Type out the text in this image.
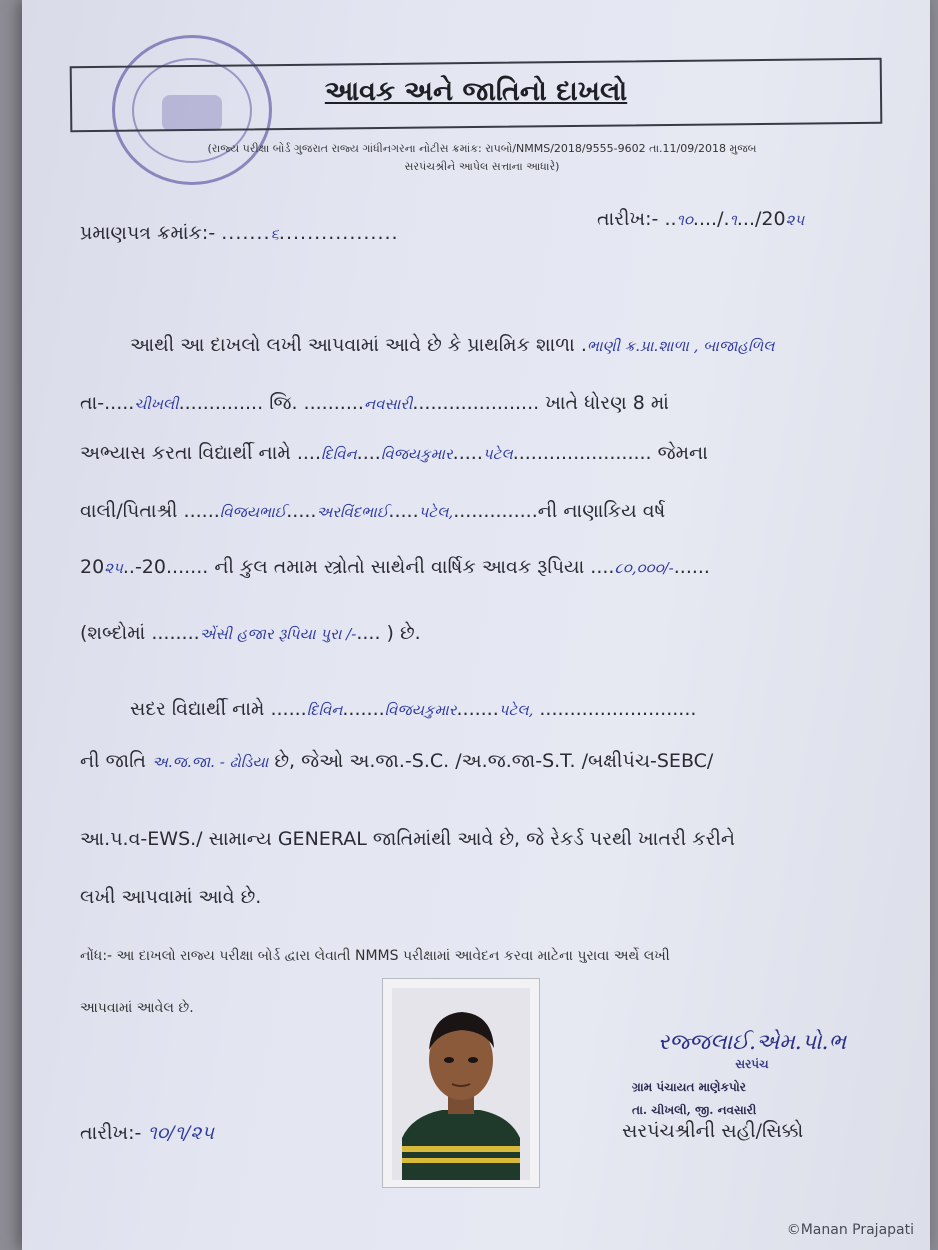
આવક અને જાતિનો દાખલો
(રાજ્ય પરીક્ષા બોર્ડ ગુજરાત રાજ્ય ગાંધીનગરના નોટીસ ક્રમાંક: રાપબો/NMMS/2018/9555-9602 તા.11/09/2018 મુજબ
સરપંચશ્રીને આપેલ સત્તાના આધારે)
પ્રમાણપત્ર ક્રમાંક:- .......૬.................
તારીખ:- ..૧૦..../.૧.../20૨૫
આથી આ દાખલો લખી આપવામાં આવે છે કે પ્રાથમિક શાળા .ભાણી ક્ર.પ્રા.શાળા , બાજાહળિલ
તા-.....ચીખલી.............. જિ. ..........નવસારી..................... ખાતે ધોરણ 8 માં
અભ્યાસ કરતા વિદ્યાર્થી નામે ....દિવિન....વિજયકુમાર.....પટેલ....................... જેમના
વાલી/પિતાશ્રી ......વિજયભાઈ.....અરવિંદભાઈ.....પટેલ,..............ની નાણાકિય વર્ષ
20૨૫..-20....... ની કુલ તમામ સ્ત્રોતો સાથેની વાર્ષિક આવક રૂપિયા ....૮૦,૦૦૦/-......
(શબ્દોમાં ........એંસી હજાર રૂપિયા પુરા /-.... ) છે.
સદર વિદ્યાર્થી નામે ......દિવિન.......વિજયકુમાર.......પટેલ, ..........................
ની જાતિ અ.જ.જા. - ઢોડિયા છે, જેઓ અ.જા.-S.C. /અ.જ.જા-S.T. /બક્ષીપંચ-SEBC/
આ.પ.વ-EWS./ સામાન્ય GENERAL જાતિમાંથી આવે છે, જે રેકર્ડ પરથી ખાતરી કરીને
લખી આપવામાં આવે છે.
નોંધ:- આ દાખલો રાજ્ય પરીક્ષા બોર્ડ દ્વારા લેવાતી NMMS પરીક્ષામાં આવેદન કરવા માટેના પુરાવા અર્થે લખી
આપવામાં આવેલ છે.
તારીખ:- ૧૦/૧/૨૫
રજ્જલાઈ.એમ.પો.ભ
સરપંચ
ગ્રામ પંચાયત માણેકપોર
તા. ચીખલી, જી. નવસારી
સરપંચશ્રીની સહી/સિક્કો
©Manan Prajapati
